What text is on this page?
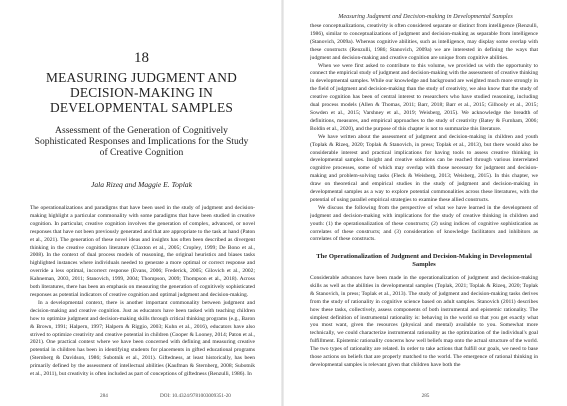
18
MEASURING JUDGMENT AND DECISION-MAKING IN DEVELOPMENTAL SAMPLES
Assessment of the Generation of Cognitively Sophisticated Responses and Implications for the Study of Creative Cognition
Jala Rizeq and Maggie E. Toplak

The operationalizations and paradigms that have been used in the study of judgment and decision-making highlight a particular commonality with some paradigms that have been studied in creative cognition. In particular, creative cognition involves the generation of complex, advanced, or novel responses that have not been previously generated and that are appropriate to the task at hand (Paton et al., 2021). The generation of these novel ideas and insights has often been described as divergent thinking in the creative cognition literature (Claxton et al., 2005; Cropley, 1999; De Bono et al., 2008). In the context of dual process models of reasoning, the original heuristics and biases tasks highlighted instances where individuals needed to generate a more optimal or correct response and override a less optimal, incorrect response (Evans, 2006; Frederick, 2005; Gilovich et al., 2002; Kahneman, 2003, 2011; Stanovich, 1999, 2004; Thompson, 2009; Thompson et al., 2018). Across both literatures, there has been an emphasis on measuring the generation of cognitively sophisticated responses as potential indicators of creative cognition and optimal judgment and decision-making.

In a developmental context, there is another important commonality between judgment and decision-making and creative cognition. Just as educators have been tasked with teaching children how to optimize judgment and decision-making skills through critical thinking programs (e.g., Baron & Brown, 1991; Halpern, 1997; Halpern & Riggio, 2003; Kuhn et al., 2016), educators have also strived to optimize creativity and creative potential in children (Cooper & Looney, 2014; Paton et al., 2021). One practical context where we have been concerned with defining and measuring creative potential in children has been in identifying students for placements in gifted educational programs (Sternberg & Davidson, 1986; Subotnik et al., 2011). Giftedness, at least historically, has been primarily defined by the assessment of intellectual abilities (Kaufman & Sternberg, 2008; Subotnik et al., 2011), but creativity is often included as part of conceptions of giftedness (Renzulli, 1986). In

284	DOI: 10.4324/9781003009351-20
Measuring Judgment and Decision-making in Developmental Samples

these conceptualizations, creativity is often considered separate or distinct from intelligence (Renzulli, 1986), similar to conceptualizations of judgment and decision-making as separable from intelligence (Stanovich, 2009a). Whereas cognitive abilities, such as intelligence, may display some overlap with these constructs (Renzulli, 1986; Stanovich, 2009a) we are interested in defining the ways that judgment and decision-making and creative cognition are unique from cognitive abilities.

When we were first asked to contribute to this volume, we provided us with the opportunity to connect the empirical study of judgment and decision-making with the assessment of creative thinking in developmental samples. While our knowledge and background are weighted much more strongly in the field of judgment and decision-making than the study of creativity, we also know that the study of creative cognition has been of central interest to researchers who have studied reasoning, including dual process models (Allen & Thomas, 2011; Barr, 2018; Barr et al., 2015; Gilhooly et al., 2015; Sowden et al., 2015; Varshney et al., 2019; Weisberg, 2015). We acknowledge the breadth of definitions, measures, and empirical approaches to the study of creativity (Batey & Furnham, 2006; Boldin et al., 2020), and the purpose of this chapter is not to summarize this literature.

We have written about the assessment of judgment and decision-making in children and youth (Toplak & Rizeq, 2020; Toplak & Stanovich, in press; Toplak et al., 2013), but there would also be considerable interest and practical implications for having tools to assess creative thinking in developmental samples. Insight and creative solutions can be reached through various interrelated cognitive processes, some of which may overlap with those necessary for judgment and decision-making and problem-solving tasks (Fleck & Weisberg, 2013; Weisberg, 2015). In this chapter, we draw on theoretical and empirical studies in the study of judgment and decision-making in developmental samples as a way to explore potential commonalities across these literatures, with the potential of using parallel empirical strategies to examine these allied constructs.

We discuss the following from the perspective of what we have learned in the development of judgment and decision-making with implications for the study of creative thinking in children and youth: (1) the operationalization of these constructs; (2) using indices of cognitive sophistication as correlates of these constructs; and (3) consideration of knowledge facilitators and inhibitors as correlates of these constructs.

The Operationalization of Judgment and Decision-Making in Developmental Samples

Considerable advances have been made in the operationalization of judgment and decision-making skills as well as the abilities in developmental samples (Toplak, 2021; Toplak & Rizeq, 2020; Toplak & Stanovich, in press; Toplak et al., 2013). The study of judgment and decision-making tasks derives from the study of rationality in cognitive science based on adult samples. Stanovich (2011) describes how these tasks, collectively, assess components of both instrumental and epistemic rationality. The simplest definition of instrumental rationality is: behaving in the world so that you get exactly what you most want, given the resources (physical and mental) available to you. Somewhat more technically, we could characterize instrumental rationality as the optimization of the individual's goal fulfillment. Epistemic rationality concerns how well beliefs map onto the actual structure of the world. The two types of rationality are related. In order to take actions that fulfill our goals, we need to base those actions on beliefs that are properly matched to the world. The emergence of rational thinking in developmental samples is relevant given that children have both the

285
